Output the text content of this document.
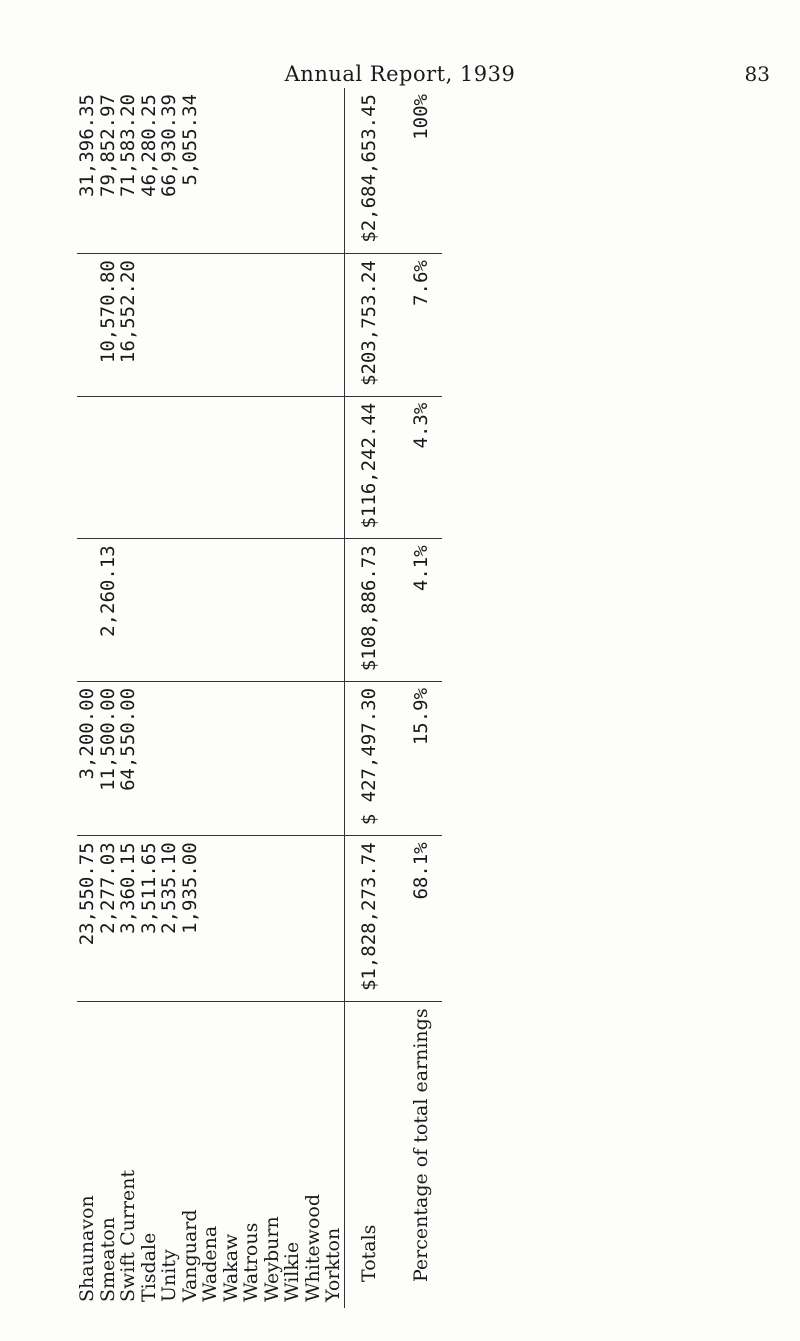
Annual Report, 1939	83
Shaunavon	23,550.75	3,200.00				31,396.35
Smeaton	2,277.03	11,500.00	2,260.13		10,570.80	79,852.97
Swift Current	3,360.15	64,550.00			16,552.20	71,583.20
Tisdale	3,511.65					46,280.25
Unity	2,535.10					66,930.39
Vanguard	1,935.00					5,055.34
Wadena						
Wakaw						
Watrous						
Weyburn						
Wilkie						
Whitewood						
Yorkton						
Totals	$1,828,273.74	$ 427,497.30	$108,886.73	$116,242.44	$203,753.24	$2,684,653.45
Percentage of total earnings	68.1%	15.9%	4.1%	4.3%	7.6%	100%
